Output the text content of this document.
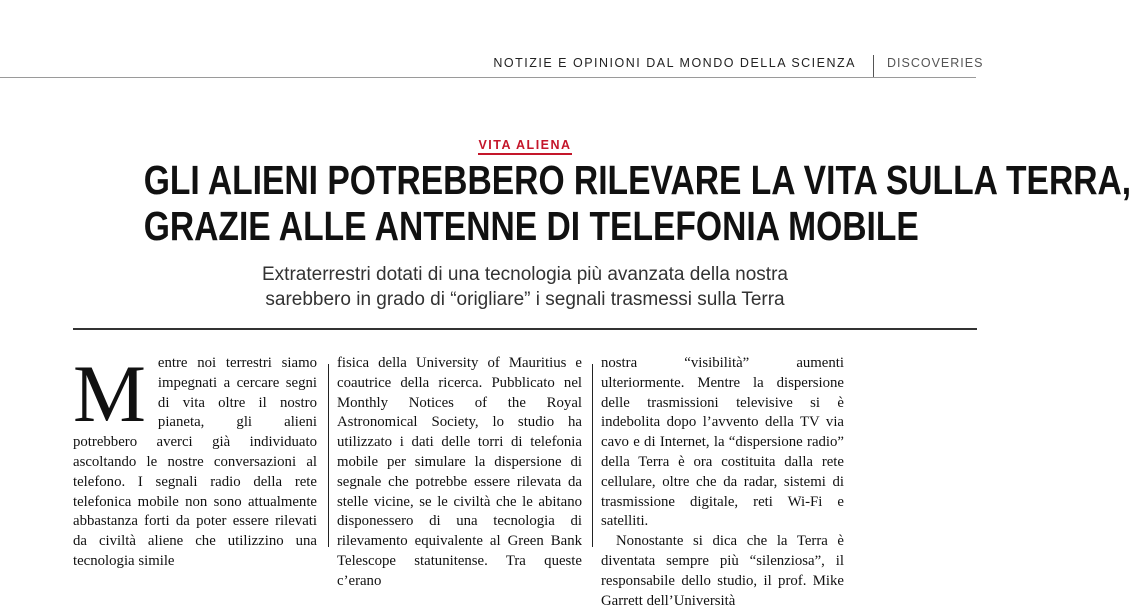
NOTIZIE E OPINIONI DAL MONDO DELLA SCIENZA DISCOVERIES
VITA ALIENA
GLI ALIENI POTREBBERO RILEVARE LA VITA SULLA TERRA,
GRAZIE ALLE ANTENNE DI TELEFONIA MOBILE
Extraterrestri dotati di una tecnologia più avanzata della nostra
sarebbero in grado di “origliare” i segnali trasmessi sulla Terra
M entre noi terrestri siamo impegnati a cercare segni di vita oltre il nostro pianeta, gli alieni potrebbero averci già individuato ascoltando le nostre conversazioni al telefono. I segnali radio della rete telefonica mobile non sono attualmente abbastanza forti da poter essere rilevati da civiltà aliene che utilizzino una tecnologia simile

fisica della University of Mauritius e coautrice della ricerca. Pubblicato nel Monthly Notices of the Royal Astronomical Society, lo studio ha utilizzato i dati delle torri di telefonia mobile per simulare la dispersione di segnale che potrebbe essere rilevata da stelle vicine, se le civiltà che le abitano disponessero di una tecnologia di rilevamento equivalente al Green Bank Telescope statunitense. Tra queste c’erano

nostra “visibilità” aumenti ulteriormente. Mentre la dispersione delle trasmissioni televisive si è indebolita dopo l’avvento della TV via cavo e di Internet, la “dispersione radio” della Terra è ora costituita dalla rete cellulare, oltre che da radar, sistemi di trasmissione digitale, reti Wi-Fi e satelliti.

Nonostante si dica che la Terra è diventata sempre più “silenziosa”, il responsabile dello studio, il prof. Mike Garrett dell’Università
